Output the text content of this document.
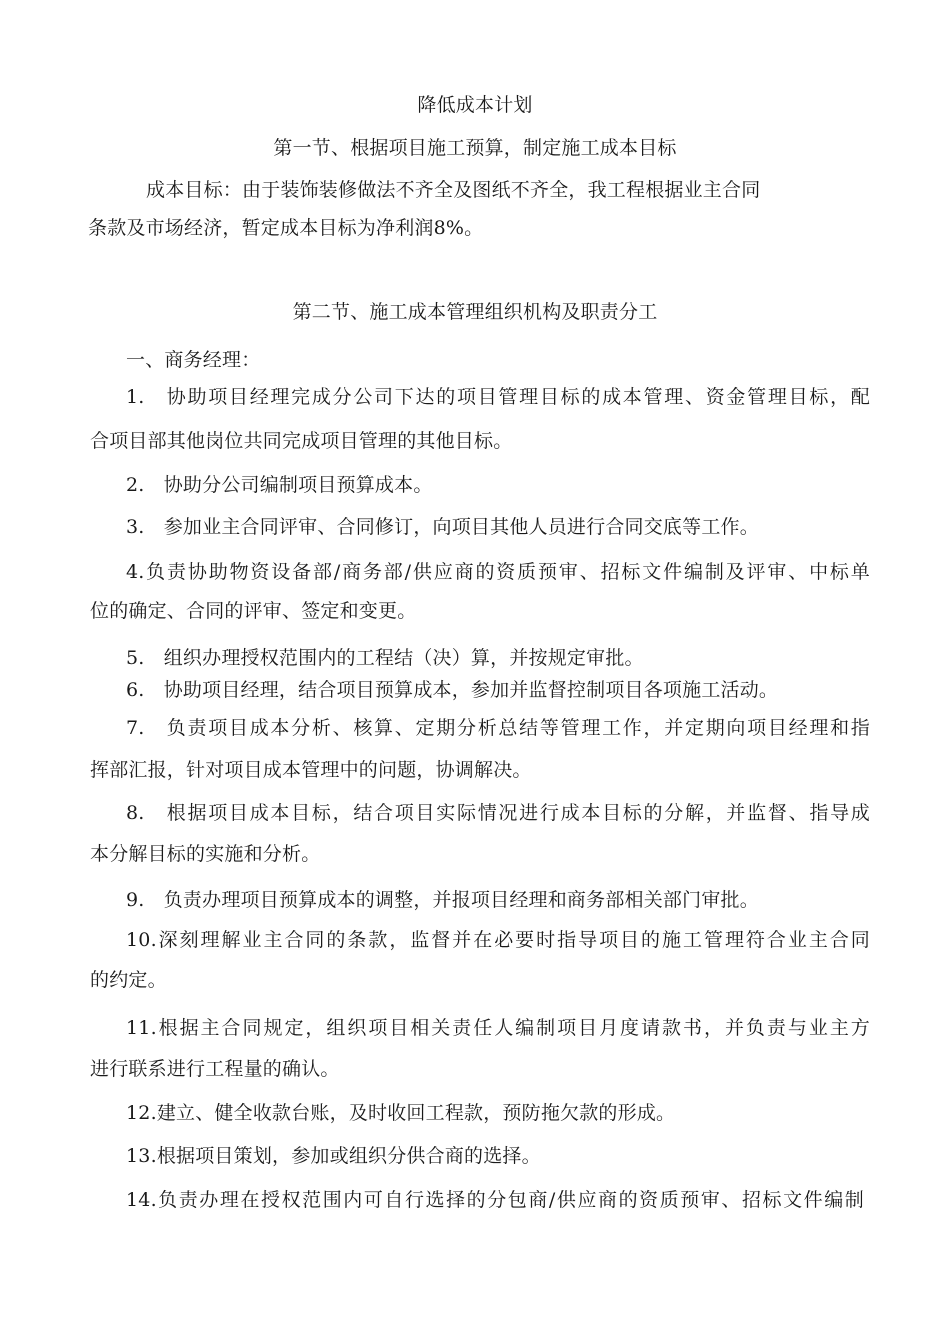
降低成本计划
第一节、根据项目施工预算，制定施工成本目标
成本目标：由于装饰装修做法不齐全及图纸不齐全，我工程根据业主合同
条款及市场经济，暂定成本目标为净利润8%。
第二节、施工成本管理组织机构及职责分工
一、商务经理：
1.　协助项目经理完成分公司下达的项目管理目标的成本管理、资金管理目标，配
合项目部其他岗位共同完成项目管理的其他目标。
2.　协助分公司编制项目预算成本。
3.　参加业主合同评审、合同修订，向项目其他人员进行合同交底等工作。
4.负责协助物资设备部/商务部/供应商的资质预审、招标文件编制及评审、中标单
位的确定、合同的评审、签定和变更。
5.　组织办理授权范围内的工程结（决）算，并按规定审批。
6.　协助项目经理，结合项目预算成本，参加并监督控制项目各项施工活动。
7.　负责项目成本分析、核算、定期分析总结等管理工作，并定期向项目经理和指
挥部汇报，针对项目成本管理中的问题，协调解决。
8.　根据项目成本目标，结合项目实际情况进行成本目标的分解，并监督、指导成
本分解目标的实施和分析。
9.　负责办理项目预算成本的调整，并报项目经理和商务部相关部门审批。
10.深刻理解业主合同的条款，监督并在必要时指导项目的施工管理符合业主合同
的约定。
11.根据主合同规定，组织项目相关责任人编制项目月度请款书，并负责与业主方
进行联系进行工程量的确认。
12.建立、健全收款台账，及时收回工程款，预防拖欠款的形成。
13.根据项目策划，参加或组织分供合商的选择。
14.负责办理在授权范围内可自行选择的分包商/供应商的资质预审、招标文件编制
